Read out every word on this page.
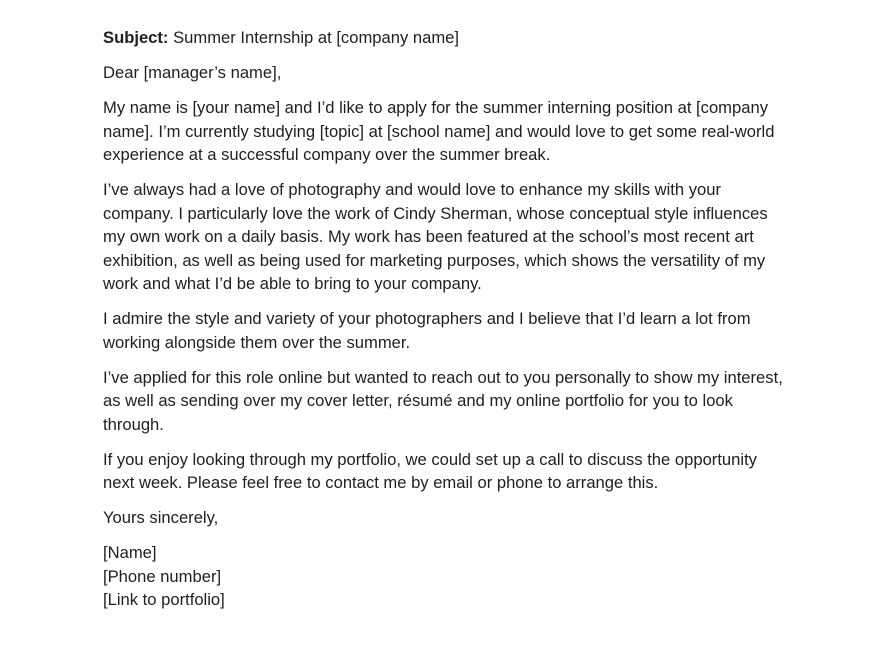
Subject: Summer Internship at [company name]

Dear [manager’s name],

My name is [your name] and I’d like to apply for the summer interning position at [company name]. I’m currently studying [topic] at [school name] and would love to get some real-world experience at a successful company over the summer break.

I’ve always had a love of photography and would love to enhance my skills with your company. I particularly love the work of Cindy Sherman, whose conceptual style influences my own work on a daily basis. My work has been featured at the school’s most recent art exhibition, as well as being used for marketing purposes, which shows the versatility of my work and what I’d be able to bring to your company.

I admire the style and variety of your photographers and I believe that I’d learn a lot from working alongside them over the summer.

I’ve applied for this role online but wanted to reach out to you personally to show my interest, as well as sending over my cover letter, résumé and my online portfolio for you to look through.

If you enjoy looking through my portfolio, we could set up a call to discuss the opportunity next week. Please feel free to contact me by email or phone to arrange this.

Yours sincerely,

[Name]
[Phone number]
[Link to portfolio]
